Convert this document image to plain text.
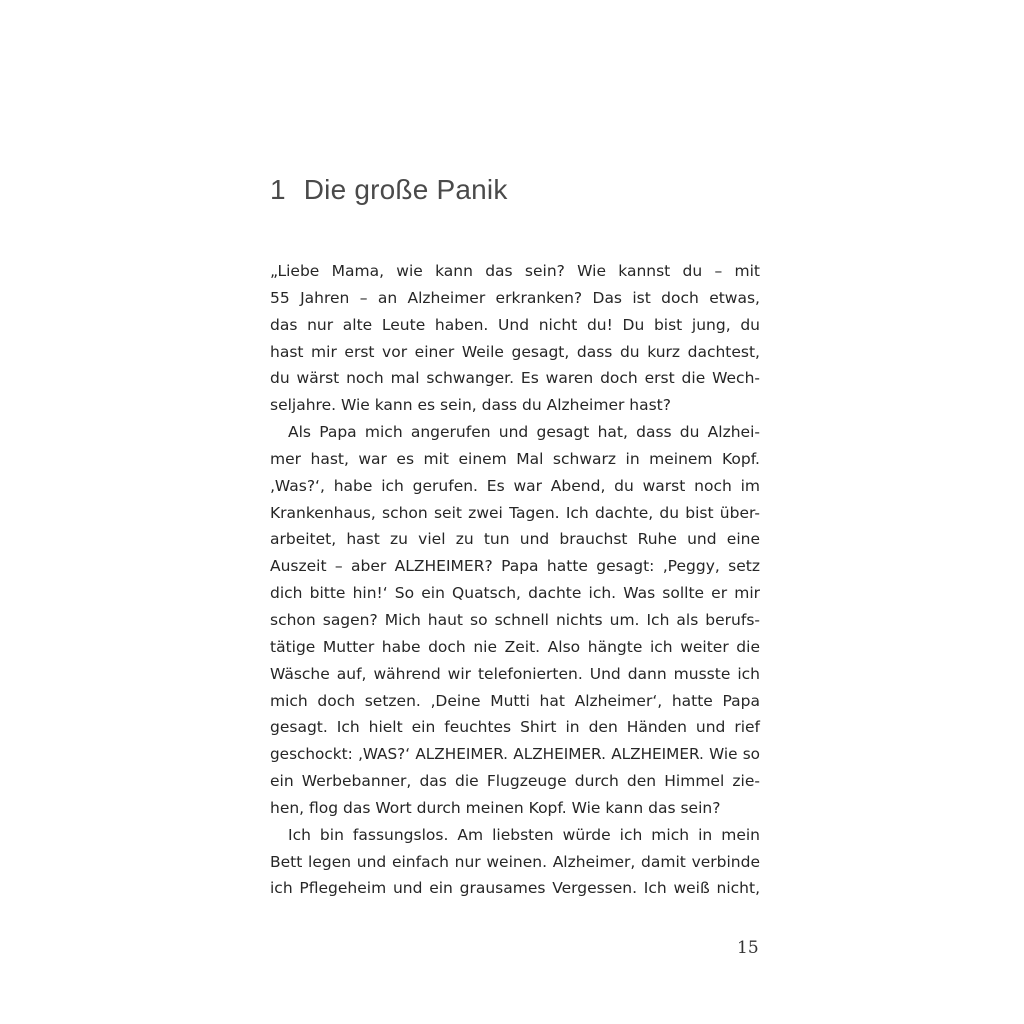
1 Die große Panik
„Liebe Mama, wie kann das sein? Wie kannst du – mit
55 Jahren – an Alzheimer erkranken? Das ist doch etwas,
das nur alte Leute haben. Und nicht du! Du bist jung, du
hast mir erst vor einer Weile gesagt, dass du kurz dachtest,
du wärst noch mal schwanger. Es waren doch erst die Wech-
seljahre. Wie kann es sein, dass du Alzheimer hast?
Als Papa mich angerufen und gesagt hat, dass du Alzhei-
mer hast, war es mit einem Mal schwarz in meinem Kopf.
‚Was?‘, habe ich gerufen. Es war Abend, du warst noch im
Krankenhaus, schon seit zwei Tagen. Ich dachte, du bist über-
arbeitet, hast zu viel zu tun und brauchst Ruhe und eine
Auszeit – aber ALZHEIMER? Papa hatte gesagt: ‚Peggy, setz
dich bitte hin!‘ So ein Quatsch, dachte ich. Was sollte er mir
schon sagen? Mich haut so schnell nichts um. Ich als berufs-
tätige Mutter habe doch nie Zeit. Also hängte ich weiter die
Wäsche auf, während wir telefonierten. Und dann musste ich
mich doch setzen. ‚Deine Mutti hat Alzheimer‘, hatte Papa
gesagt. Ich hielt ein feuchtes Shirt in den Händen und rief
geschockt: ‚WAS?‘ ALZHEIMER. ALZHEIMER. ALZHEIMER. Wie so
ein Werbebanner, das die Flugzeuge durch den Himmel zie-
hen, flog das Wort durch meinen Kopf. Wie kann das sein?
Ich bin fassungslos. Am liebsten würde ich mich in mein
Bett legen und einfach nur weinen. Alzheimer, damit verbinde
ich Pflegeheim und ein grausames Vergessen. Ich weiß nicht,
15
